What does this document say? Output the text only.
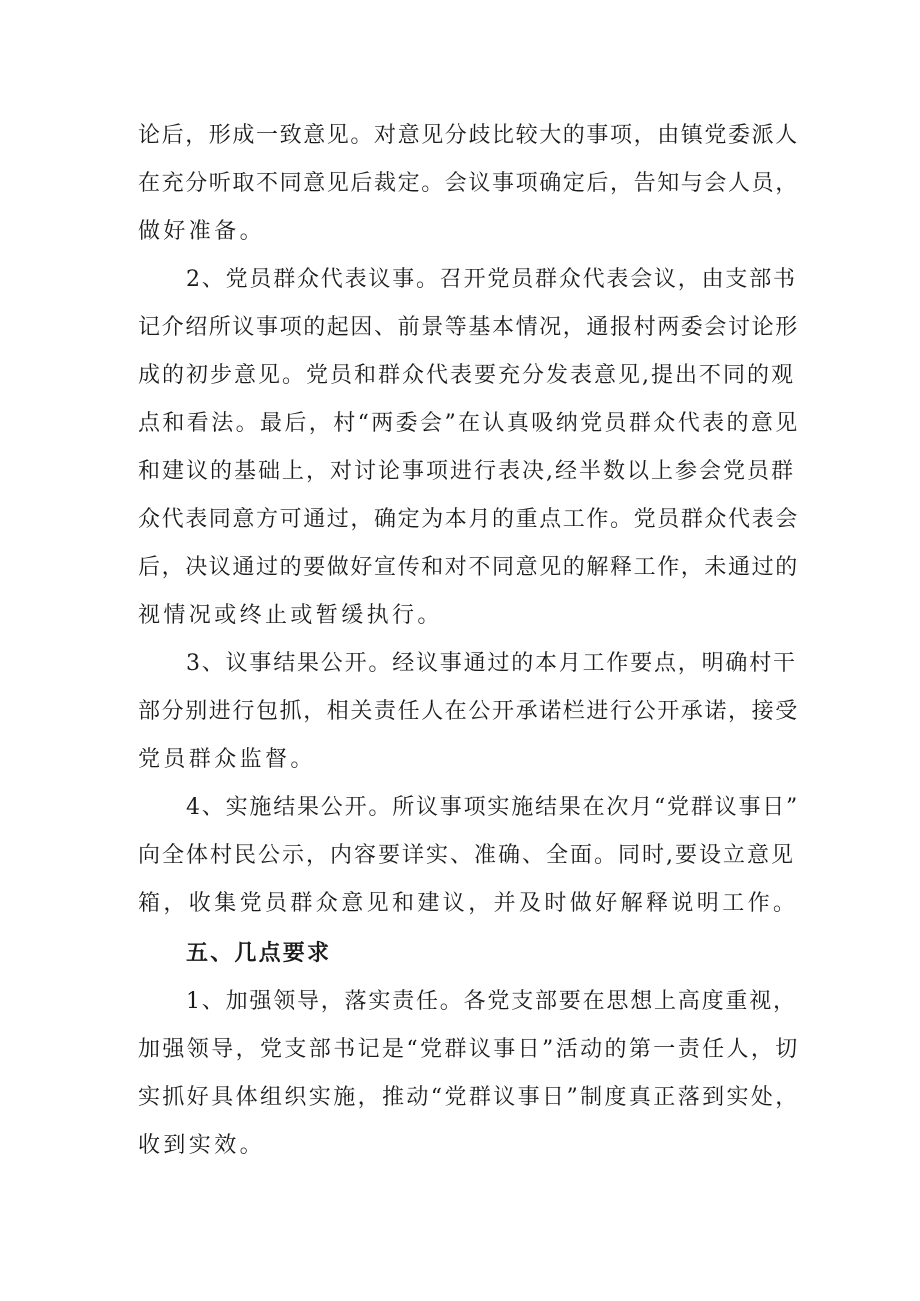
论后，形成一致意见。对意见分歧比较大的事项，由镇党委派人

在充分听取不同意见后裁定。会议事项确定后，告知与会人员，

做好准备。

2、党员群众代表议事。召开党员群众代表会议，由支部书

记介绍所议事项的起因、前景等基本情况，通报村两委会讨论形

成的初步意见。党员和群众代表要充分发表意见,提出不同的观

点和看法。最后，村“两委会”在认真吸纳党员群众代表的意见

和建议的基础上，对讨论事项进行表决,经半数以上参会党员群

众代表同意方可通过，确定为本月的重点工作。党员群众代表会

后，决议通过的要做好宣传和对不同意见的解释工作，未通过的

视情况或终止或暂缓执行。

3、议事结果公开。经议事通过的本月工作要点，明确村干

部分别进行包抓，相关责任人在公开承诺栏进行公开承诺，接受

党员群众监督。

4、实施结果公开。所议事项实施结果在次月“党群议事日”

向全体村民公示，内容要详实、准确、全面。同时,要设立意见

箱，收集党员群众意见和建议，并及时做好解释说明工作。

五、几点要求

1、加强领导，落实责任。各党支部要在思想上高度重视，

加强领导，党支部书记是“党群议事日”活动的第一责任人，切

实抓好具体组织实施，推动“党群议事日”制度真正落到实处，

收到实效。
